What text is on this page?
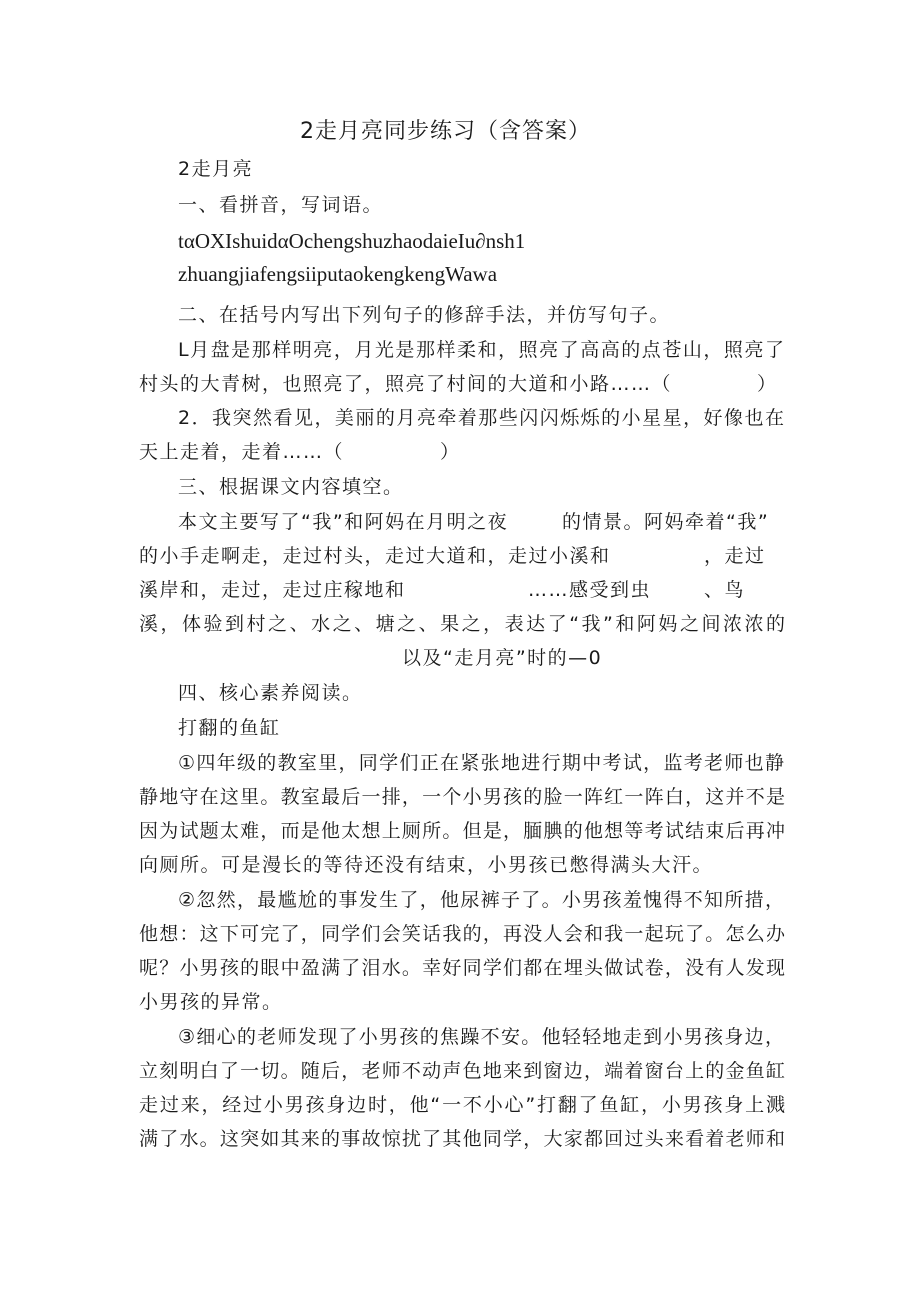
2走月亮同步练习（含答案）
2走月亮
一、看拼音，写词语。
tαOXIshuidαOchengshuzhaodaieIu∂nsh1
zhuangjiafengsiiputaokengkengWawa
二、在括号内写出下列句子的修辞手法，并仿写句子。
L月盘是那样明亮，月光是那样柔和，照亮了高高的点苍山，照亮了
村头的大青树，也照亮了，照亮了村间的大道和小路……（	）
2．我突然看见，美丽的月亮牵着那些闪闪烁烁的小星星，好像也在
天上走着，走着……（	）
三、根据课文内容填空。
本文主要写了“我”和阿妈在月明之夜	的情景。阿妈牵着“我”
的小手走啊走，走过村头，走过大道和，走过小溪和	，走过
溪岸和，走过，走过庄稼地和	……感受到虫	、鸟
溪，体验到村之、水之、塘之、果之，表达了“我”和阿妈之间浓浓的
以及“走月亮”时的—0
四、核心素养阅读。
打翻的鱼缸
①四年级的教室里，同学们正在紧张地进行期中考试，监考老师也静
静地守在这里。教室最后一排，一个小男孩的脸一阵红一阵白，这并不是
因为试题太难，而是他太想上厕所。但是，腼腆的他想等考试结束后再冲
向厕所。可是漫长的等待还没有结束，小男孩已憋得满头大汗。
②忽然，最尴尬的事发生了，他尿裤子了。小男孩羞愧得不知所措，
他想：这下可完了，同学们会笑话我的，再没人会和我一起玩了。怎么办
呢？小男孩的眼中盈满了泪水。幸好同学们都在埋头做试卷，没有人发现
小男孩的异常。
③细心的老师发现了小男孩的焦躁不安。他轻轻地走到小男孩身边，
立刻明白了一切。随后，老师不动声色地来到窗边，端着窗台上的金鱼缸
走过来，经过小男孩身边时，他“一不小心”打翻了鱼缸，小男孩身上溅
满了水。这突如其来的事故惊扰了其他同学，大家都回过头来看着老师和
